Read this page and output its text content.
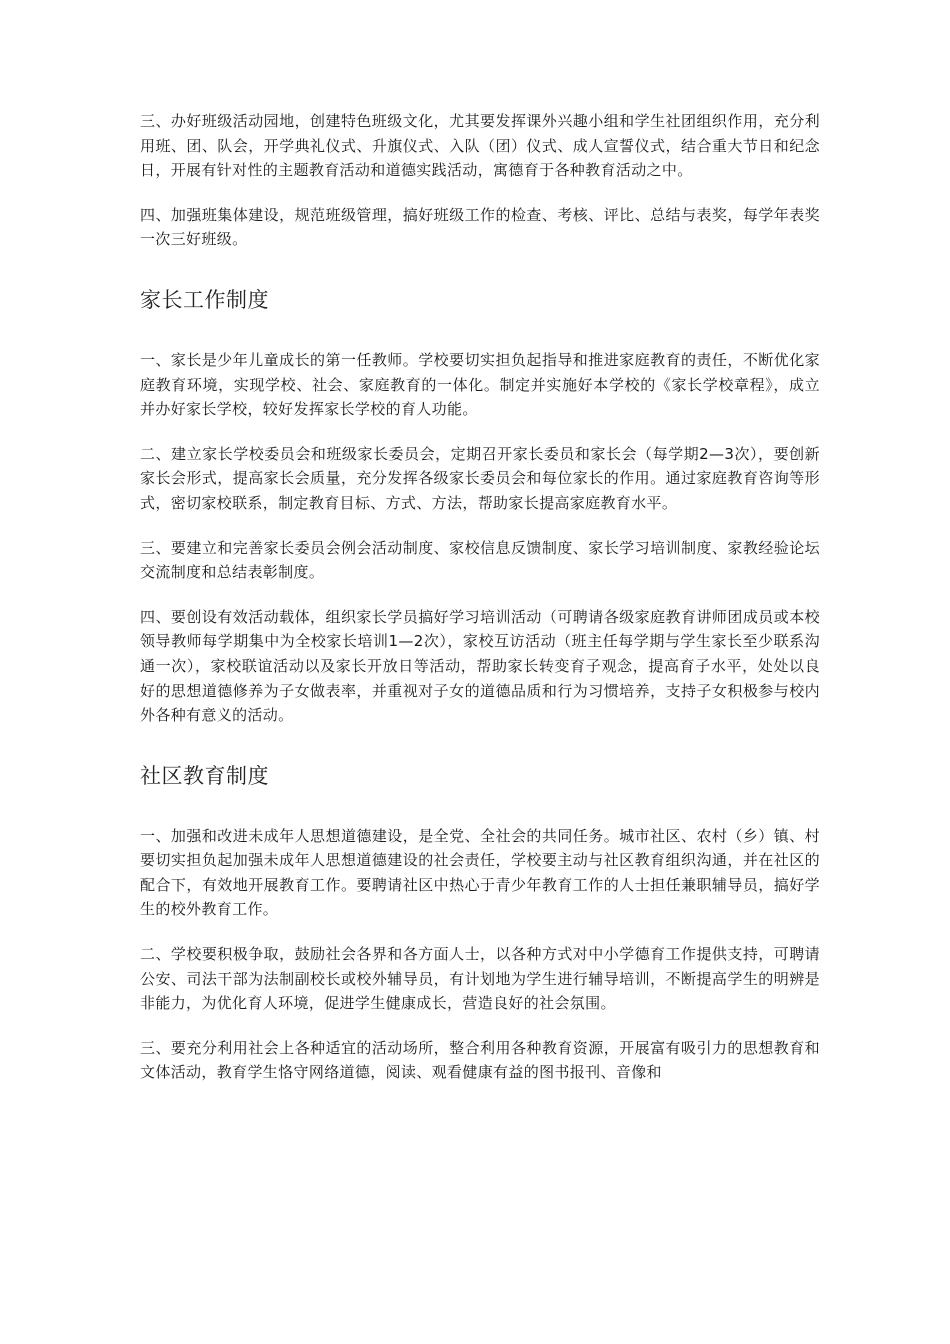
三、办好班级活动园地，创建特色班级文化，尤其要发挥课外兴趣小组和学生社团组织作用，充分利用班、团、队会，开学典礼仪式、升旗仪式、入队（团）仪式、成人宣誓仪式，结合重大节日和纪念日，开展有针对性的主题教育活动和道德实践活动，寓德育于各种教育活动之中。

四、加强班集体建设，规范班级管理，搞好班级工作的检查、考核、评比、总结与表奖，每学年表奖一次三好班级。

家长工作制度

一、家长是少年儿童成长的第一任教师。学校要切实担负起指导和推进家庭教育的责任，不断优化家庭教育环境，实现学校、社会、家庭教育的一体化。制定并实施好本学校的《家长学校章程》，成立并办好家长学校，较好发挥家长学校的育人功能。

二、建立家长学校委员会和班级家长委员会，定期召开家长委员和家长会（每学期2—3次），要创新家长会形式，提高家长会质量，充分发挥各级家长委员会和每位家长的作用。通过家庭教育咨询等形式，密切家校联系，制定教育目标、方式、方法，帮助家长提高家庭教育水平。

三、要建立和完善家长委员会例会活动制度、家校信息反馈制度、家长学习培训制度、家教经验论坛交流制度和总结表彰制度。

四、要创设有效活动载体，组织家长学员搞好学习培训活动（可聘请各级家庭教育讲师团成员或本校领导教师每学期集中为全校家长培训1—2次），家校互访活动（班主任每学期与学生家长至少联系沟通一次），家校联谊活动以及家长开放日等活动，帮助家长转变育子观念，提高育子水平，处处以良好的思想道德修养为子女做表率，并重视对子女的道德品质和行为习惯培养，支持子女积极参与校内外各种有意义的活动。

社区教育制度

一、加强和改进未成年人思想道德建设，是全党、全社会的共同任务。城市社区、农村（乡）镇、村要切实担负起加强未成年人思想道德建设的社会责任，学校要主动与社区教育组织沟通，并在社区的配合下，有效地开展教育工作。要聘请社区中热心于青少年教育工作的人士担任兼职辅导员，搞好学生的校外教育工作。

二、学校要积极争取，鼓励社会各界和各方面人士，以各种方式对中小学德育工作提供支持，可聘请公安、司法干部为法制副校长或校外辅导员，有计划地为学生进行辅导培训，不断提高学生的明辨是非能力，为优化育人环境，促进学生健康成长，营造良好的社会氛围。

三、要充分利用社会上各种适宜的活动场所，整合利用各种教育资源，开展富有吸引力的思想教育和文体活动，教育学生恪守网络道德，阅读、观看健康有益的图书报刊、音像和
